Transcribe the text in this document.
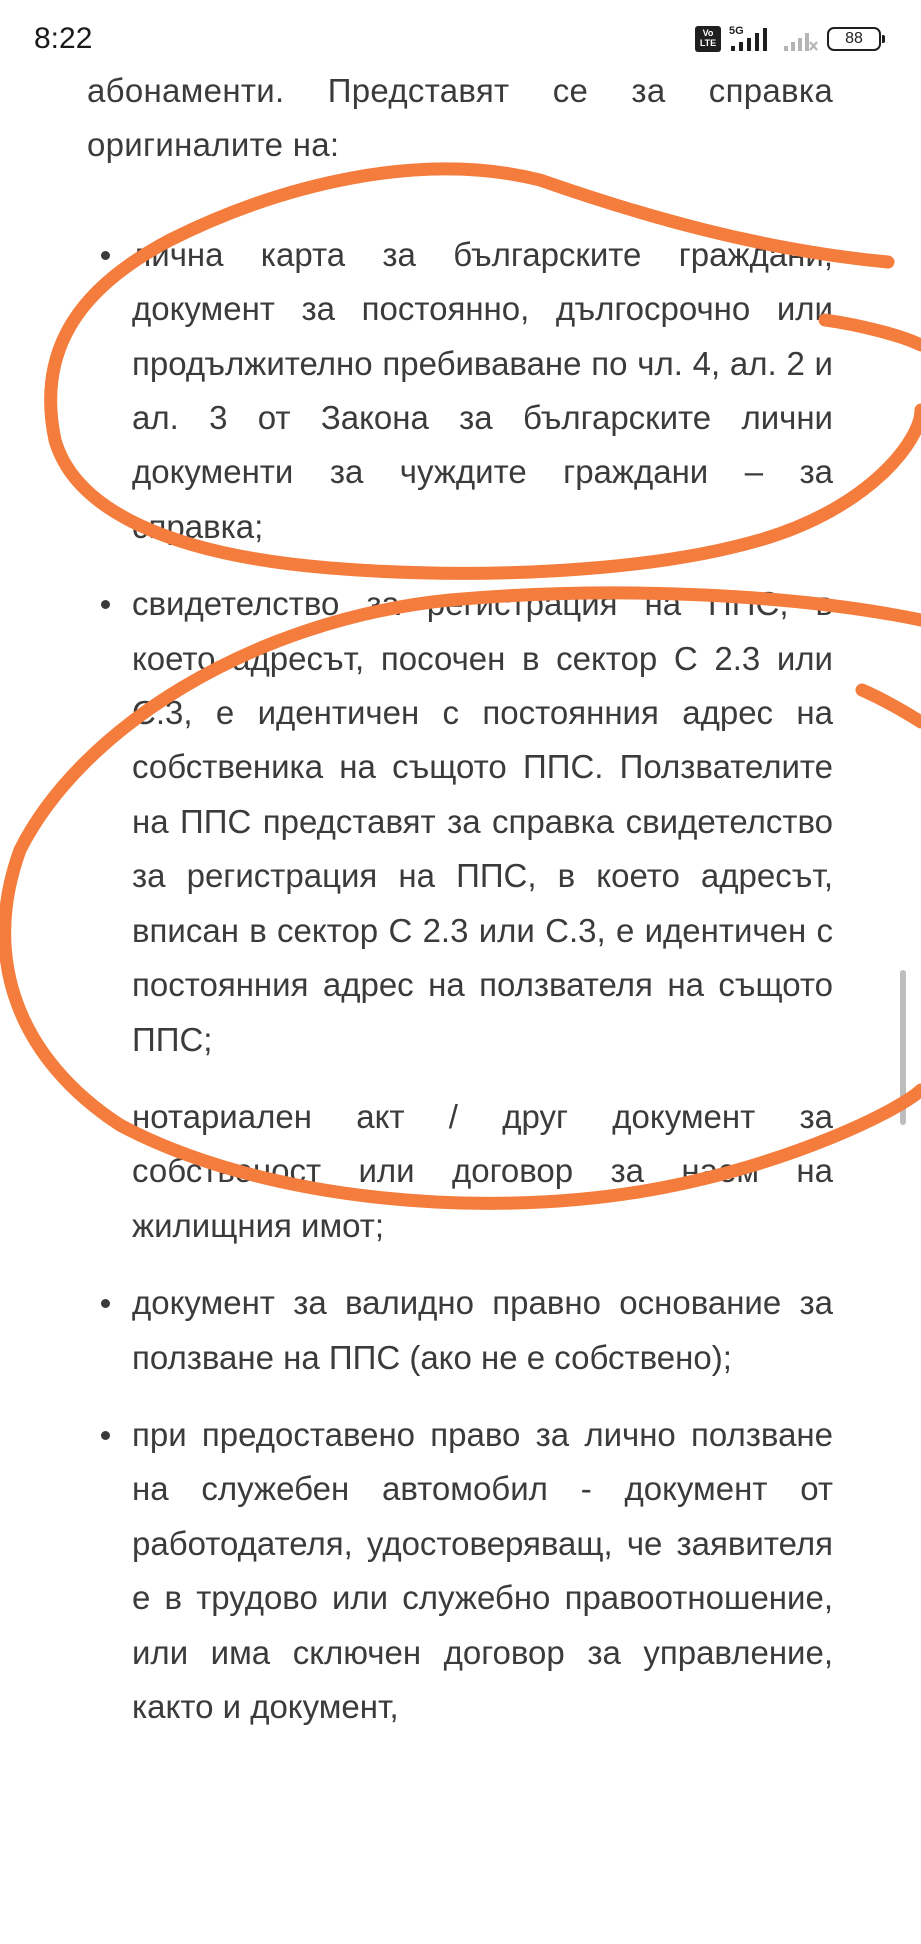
8:22	Vo LTE
5G	88

абонаменти. Представят се за справка оригиналите на:

лична карта за българските граждани; документ за постоянно, дългосрочно или продължително пребиваване по чл. 4, ал. 2 и ал. 3 от Закона за българските лични документи за чуждите граждани – за справка;
свидетелство за регистрация на ППС, в което адресът, посочен в сектор С 2.3 или С.3, е идентичен с постоянния адрес на собственика на същото ППС. Ползвателите на ППС представят за справка свидетелство за регистрация на ППС, в което адресът, вписан в сектор С 2.3 или С.3, е идентичен с постоянния адрес на ползвателя на същото ППС;
нотариален акт / друг документ за собственост или договор за наем на жилищния имот;
документ за валидно правно основание за ползване на ППС (ако не е собствено);
при предоставено право за лично ползване на служебен автомобил - документ от работодателя, удостоверяващ, че заявителя е в трудово или служебно правоотношение, или има сключен договор за управление, както и документ,
